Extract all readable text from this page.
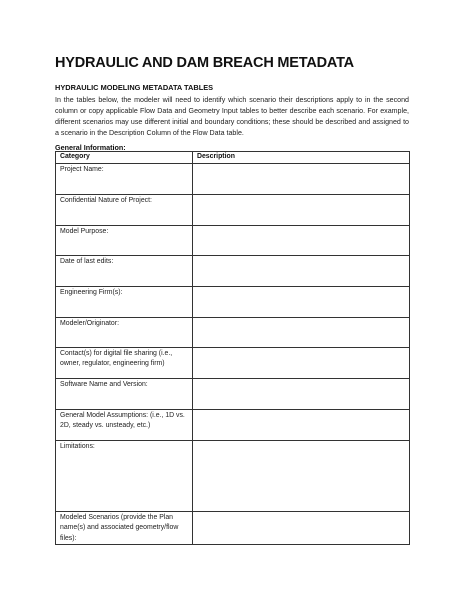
HYDRAULIC AND DAM BREACH METADATA
HYDRAULIC MODELING METADATA TABLES
In the tables below, the modeler will need to identify which scenario their descriptions apply to in the second column or copy applicable Flow Data and Geometry Input tables to better describe each scenario. For example, different scenarios may use different initial and boundary conditions; these should be described and assigned to a scenario in the Description Column of the Flow Data table.
General Information:
Category	Description
Project Name:	
Confidential Nature of Project:	
Model Purpose:	
Date of last edits:	
Engineering Firm(s):	
Modeler/Originator:	
Contact(s) for digital file sharing (i.e., owner, regulator, engineering firm)	
Software Name and Version:	
General Model Assumptions: (i.e., 1D vs. 2D, steady vs. unsteady, etc.)	
Limitations:	
Modeled Scenarios (provide the Plan name(s) and associated geometry/flow files):	
